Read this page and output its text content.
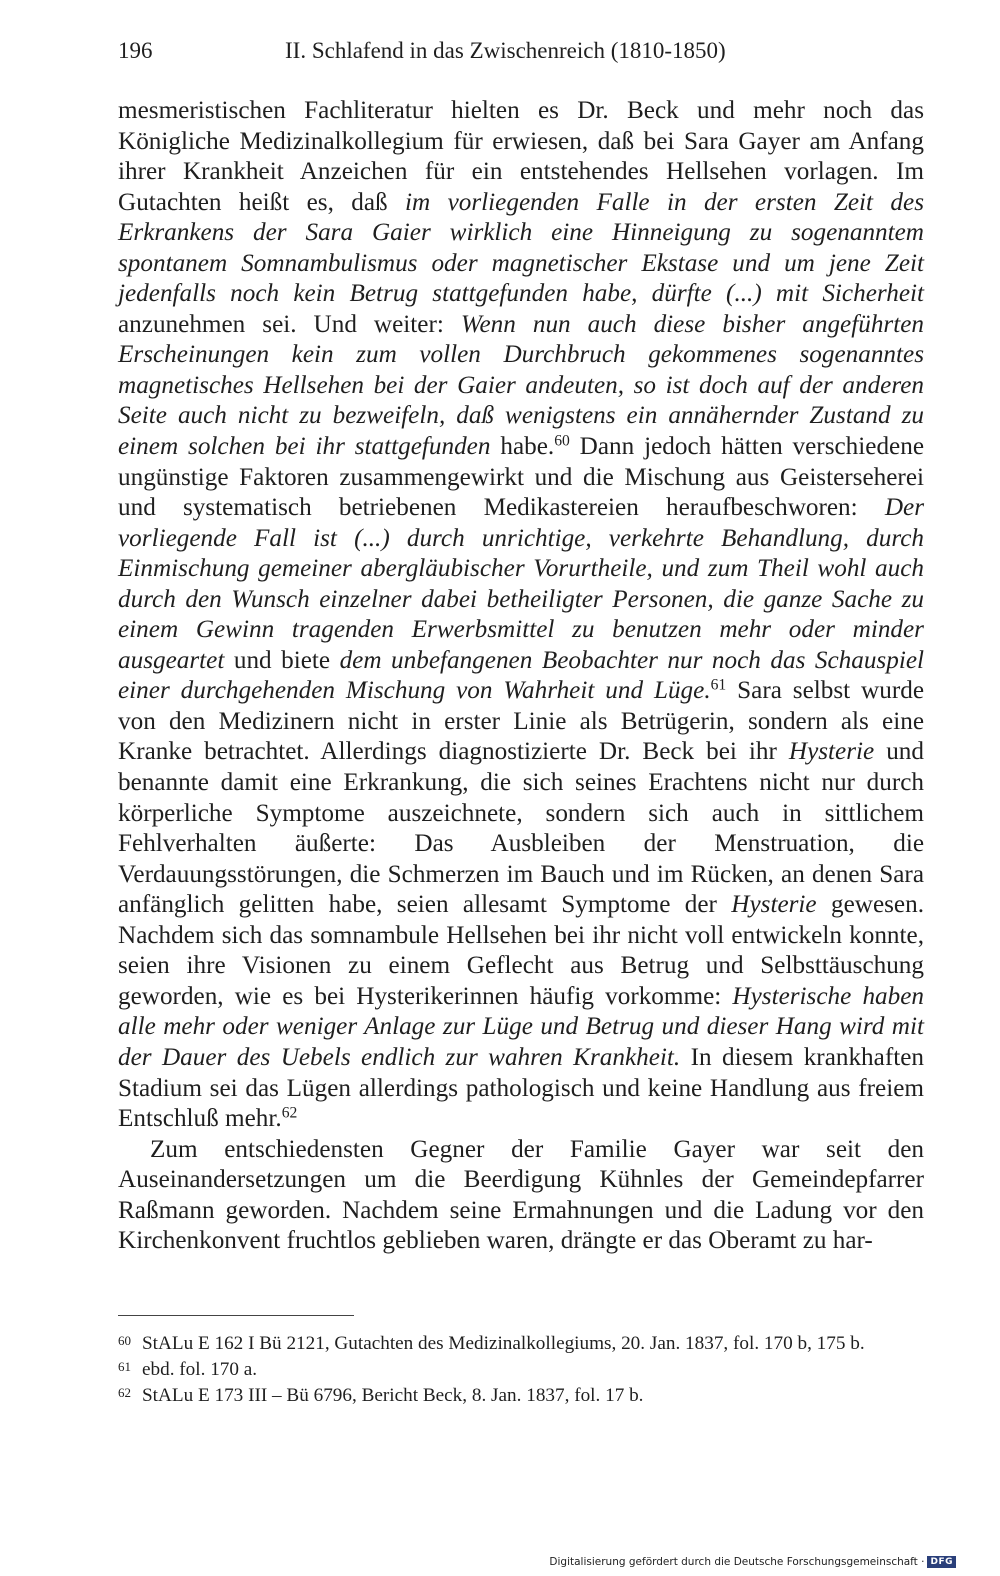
196	II. Schlafend in das Zwischenreich (1810-1850)

mesmeristischen Fachliteratur hielten es Dr. Beck und mehr noch das Königliche Medizinalkollegium für erwiesen, daß bei Sara Gayer am Anfang ihrer Krankheit Anzeichen für ein entstehendes Hellsehen vorlagen. Im Gutachten heißt es, daß im vorliegenden Falle in der ersten Zeit des Erkrankens der Sara Gaier wirklich eine Hinneigung zu sogenanntem spontanem Somnambulismus oder magnetischer Ekstase und um jene Zeit jedenfalls noch kein Betrug stattgefunden habe, dürfte (...) mit Sicherheit anzunehmen sei. Und weiter: Wenn nun auch diese bisher angeführten Erscheinungen kein zum vollen Durchbruch gekommenes sogenanntes magnetisches Hellsehen bei der Gaier andeuten, so ist doch auf der anderen Seite auch nicht zu bezweifeln, daß wenigstens ein annähernder Zustand zu einem solchen bei ihr stattgefunden habe.$^{60}$ Dann jedoch hätten verschiedene ungünstige Faktoren zusammengewirkt und die Mischung aus Geisterseherei und systematisch betriebenen Medikastereien heraufbeschworen: Der vorliegende Fall ist (...) durch unrichtige, verkehrte Behandlung, durch Einmischung gemeiner abergläubischer Vorurtheile, und zum Theil wohl auch durch den Wunsch einzelner dabei betheiligter Personen, die ganze Sache zu einem Gewinn tragenden Erwerbsmittel zu benutzen mehr oder minder ausgeartet und biete dem unbefangenen Beobachter nur noch das Schauspiel einer durchgehenden Mischung von Wahrheit und Lüge.$^{61}$ Sara selbst wurde von den Medizinern nicht in erster Linie als Betrügerin, sondern als eine Kranke betrachtet. Allerdings diagnostizierte Dr. Beck bei ihr Hysterie und benannte damit eine Erkrankung, die sich seines Erachtens nicht nur durch körperliche Symptome auszeichnete, sondern sich auch in sittlichem Fehlverhalten äußerte: Das Ausbleiben der Menstruation, die Verdauungsstörungen, die Schmerzen im Bauch und im Rücken, an denen Sara anfänglich gelitten habe, seien allesamt Symptome der Hysterie gewesen. Nachdem sich das somnambule Hellsehen bei ihr nicht voll entwickeln konnte, seien ihre Visionen zu einem Geflecht aus Betrug und Selbsttäuschung geworden, wie es bei Hysterikerinnen häufig vorkomme: Hysterische haben alle mehr oder weniger Anlage zur Lüge und Betrug und dieser Hang wird mit der Dauer des Uebels endlich zur wahren Krankheit. In diesem krankhaften Stadium sei das Lügen allerdings pathologisch und keine Handlung aus freiem Entschluß mehr.$^{62}$

Zum entschiedensten Gegner der Familie Gayer war seit den Auseinandersetzungen um die Beerdigung Kühnles der Gemeindepfarrer Raßmann geworden. Nachdem seine Ermahnungen und die Ladung vor den Kirchenkonvent fruchtlos geblieben waren, drängte er das Oberamt zu har-

60 StALu E 162 I Bü 2121, Gutachten des Medizinalkollegiums, 20. Jan. 1837, fol. 170 b, 175 b.

61 ebd. fol. 170 a.

62 StALu E 173 III – Bü 6796, Bericht Beck, 8. Jan. 1837, fol. 17 b.

Digitalisierung gefördert durch die Deutsche Forschungsgemeinschaft · DFG
